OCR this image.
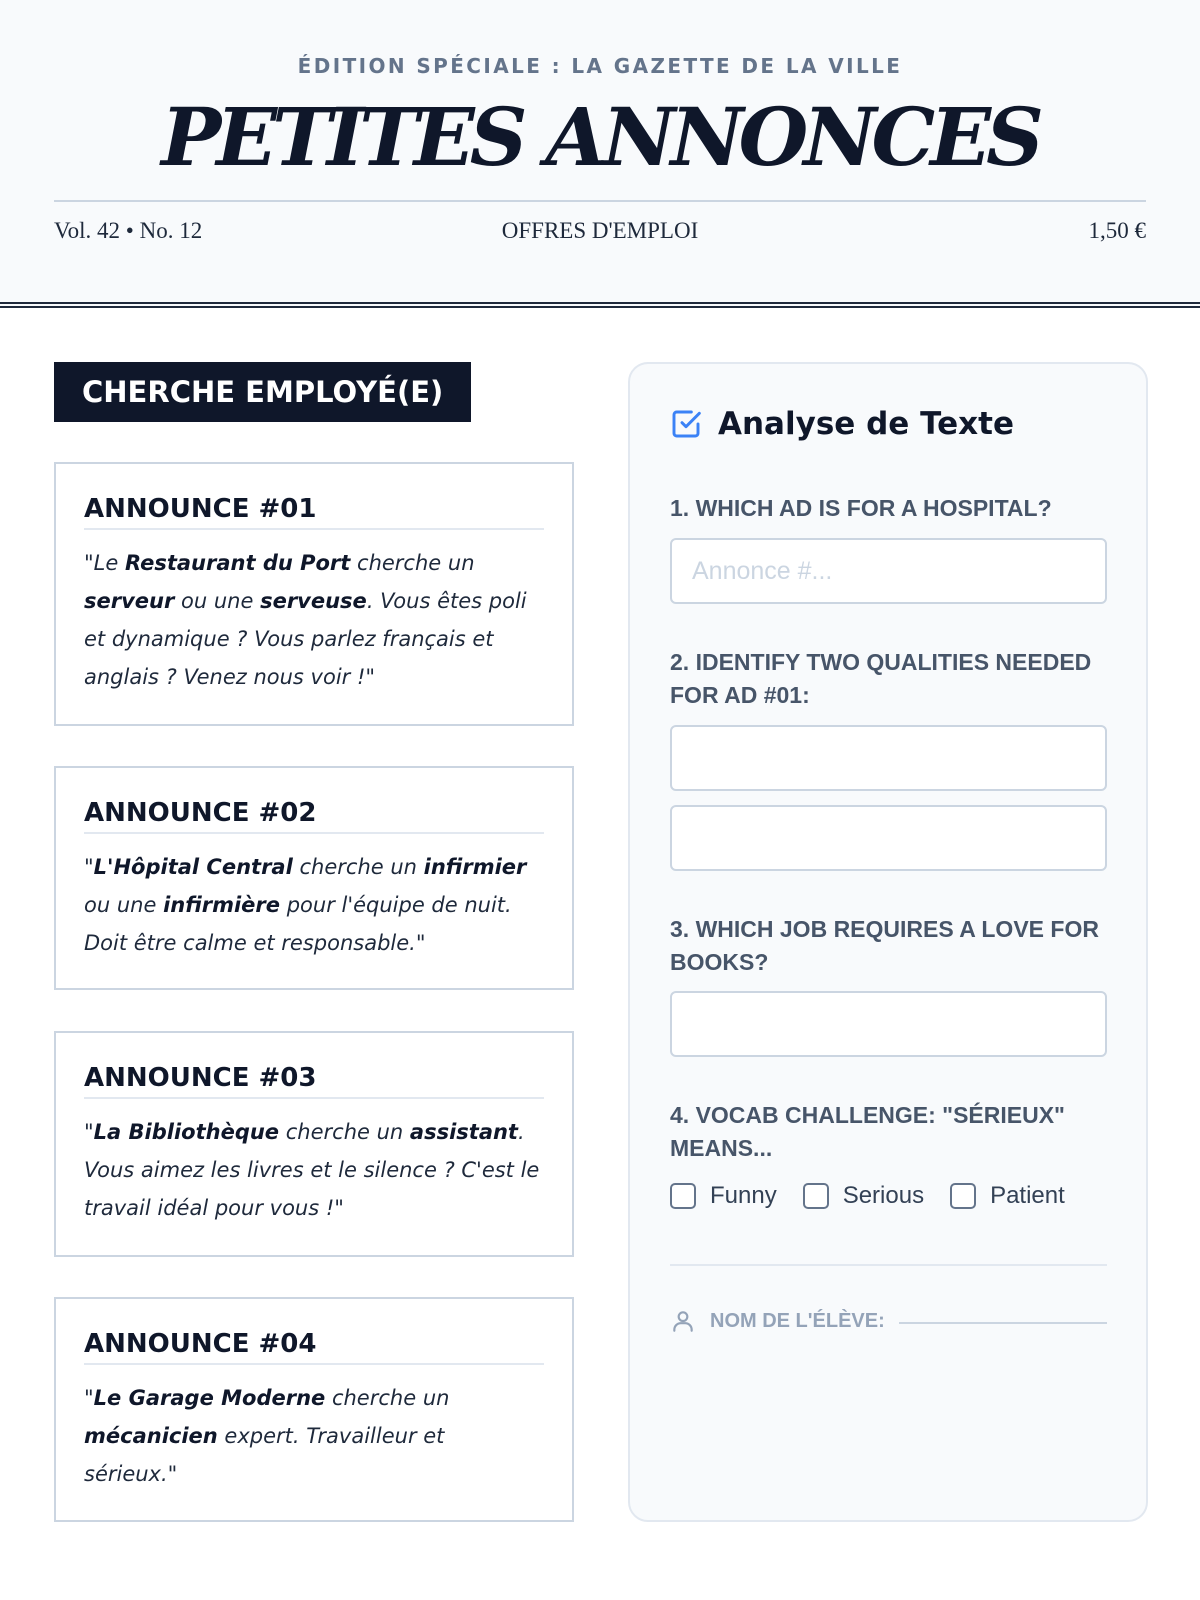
ÉDITION SPÉCIALE : LA GAZETTE DE LA VILLE
PETITES ANNONCES
Vol. 42 • No. 12	OFFRES D'EMPLOI	1,50 €
CHERCHE EMPLOYÉ(E)
ANNOUNCE #01

"Le Restaurant du Port cherche un serveur ou une serveuse. Vous êtes poli et dynamique ? Vous parlez français et anglais ? Venez nous voir !"

ANNOUNCE #02

"L'Hôpital Central cherche un infirmier ou une infirmière pour l'équipe de nuit. Doit être calme et responsable."

ANNOUNCE #03

"La Bibliothèque cherche un assistant. Vous aimez les livres et le silence ? C'est le travail idéal pour vous !"

ANNOUNCE #04

"Le Garage Moderne cherche un mécanicien expert. Travailleur et sérieux."

Analyse de Texte
1. WHICH AD IS FOR A HOSPITAL?
Annonce #...
2. IDENTIFY TWO QUALITIES NEEDED FOR AD #01:
3. WHICH JOB REQUIRES A LOVE FOR BOOKS?
4. VOCAB CHALLENGE: "SÉRIEUX" MEANS...
Funny	Serious	Patient
NOM DE L'ÉLÈVE:
